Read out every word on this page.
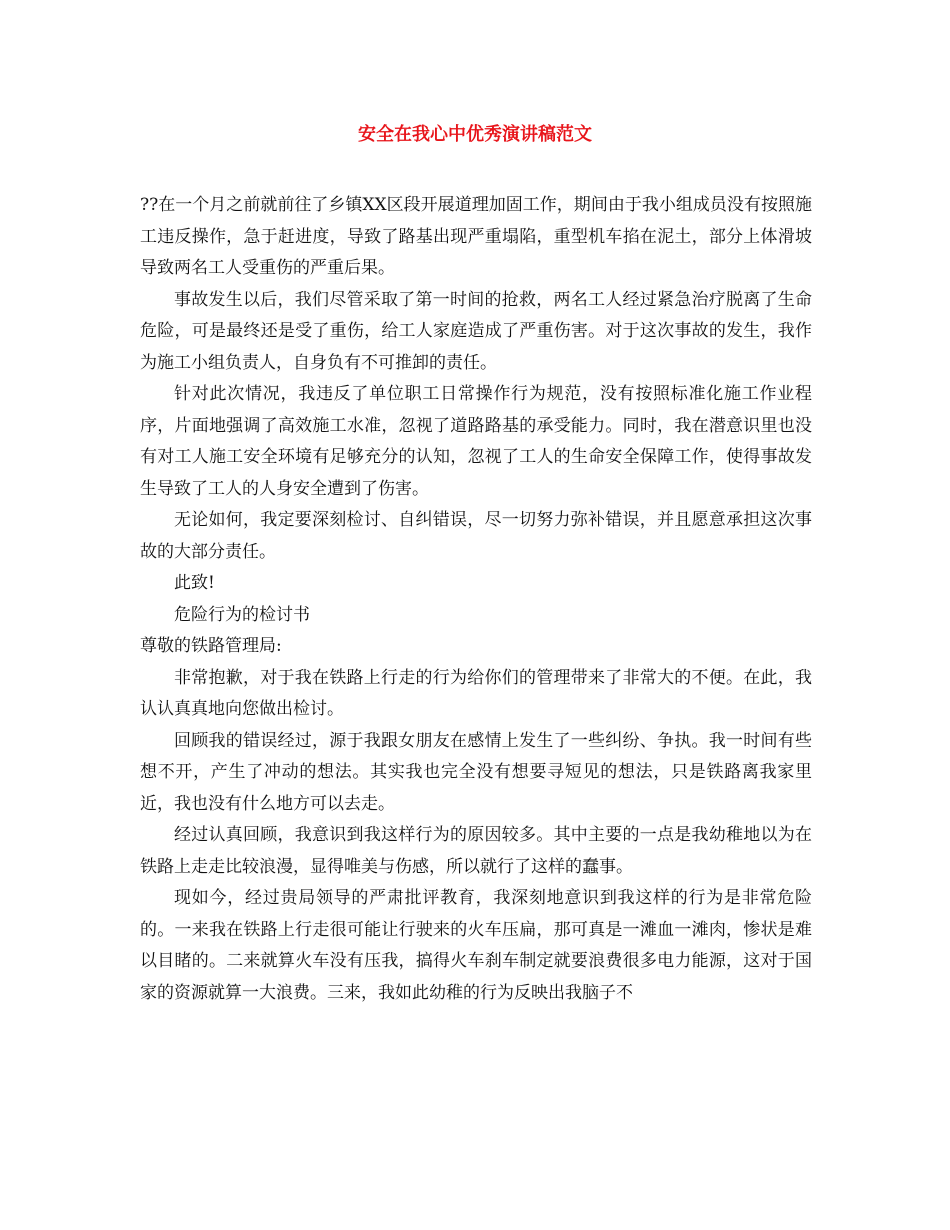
安全在我心中优秀演讲稿范文

??在一个月之前就前往了乡镇XX区段开展道理加固工作，期间由于我小组成员没有按照施工违反操作，急于赶进度，导致了路基出现严重塌陷，重型机车掐在泥土，部分上体滑坡导致两名工人受重伤的严重后果。

事故发生以后，我们尽管采取了第一时间的抢救，两名工人经过紧急治疗脱离了生命危险，可是最终还是受了重伤，给工人家庭造成了严重伤害。对于这次事故的发生，我作为施工小组负责人，自身负有不可推卸的责任。

针对此次情况，我违反了单位职工日常操作行为规范，没有按照标准化施工作业程序，片面地强调了高效施工水准，忽视了道路路基的承受能力。同时，我在潜意识里也没有对工人施工安全环境有足够充分的认知，忽视了工人的生命安全保障工作，使得事故发生导致了工人的人身安全遭到了伤害。

无论如何，我定要深刻检讨、自纠错误，尽一切努力弥补错误，并且愿意承担这次事故的大部分责任。

此致!

危险行为的检讨书

尊敬的铁路管理局:

非常抱歉，对于我在铁路上行走的行为给你们的管理带来了非常大的不便。在此，我认认真真地向您做出检讨。

回顾我的错误经过，源于我跟女朋友在感情上发生了一些纠纷、争执。我一时间有些想不开，产生了冲动的想法。其实我也完全没有想要寻短见的想法，只是铁路离我家里近，我也没有什么地方可以去走。

经过认真回顾，我意识到我这样行为的原因较多。其中主要的一点是我幼稚地以为在铁路上走走比较浪漫，显得唯美与伤感，所以就行了这样的蠢事。

现如今，经过贵局领导的严肃批评教育，我深刻地意识到我这样的行为是非常危险的。一来我在铁路上行走很可能让行驶来的火车压扁，那可真是一滩血一滩肉，惨状是难以目睹的。二来就算火车没有压我，搞得火车刹车制定就要浪费很多电力能源，这对于国家的资源就算一大浪费。三来，我如此幼稚的行为反映出我脑子不
